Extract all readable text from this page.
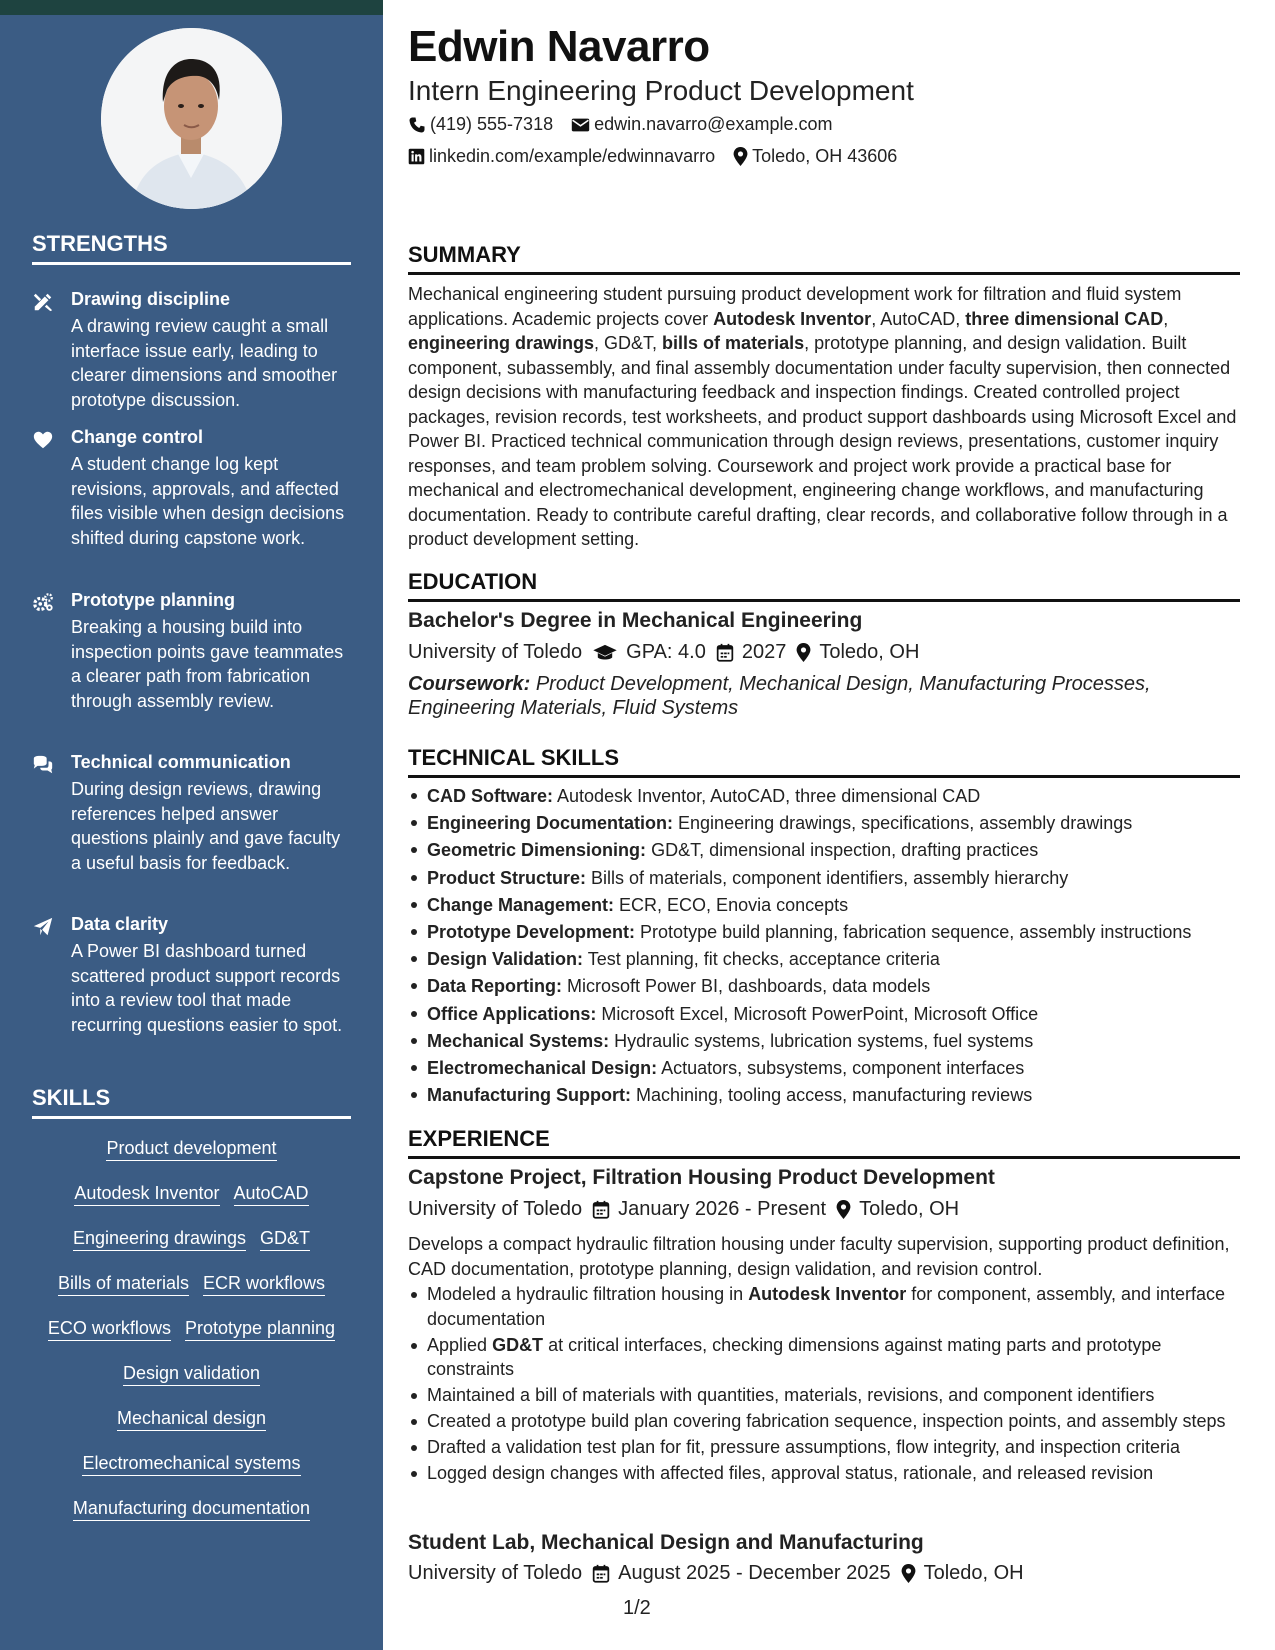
STRENGTHS
Drawing discipline
A drawing review caught a small interface issue early, leading to clearer dimensions and smoother prototype discussion.
Change control
A student change log kept revisions, approvals, and affected files visible when design decisions shifted during capstone work.
Prototype planning
Breaking a housing build into inspection points gave teammates a clearer path from fabrication through assembly review.
Technical communication
During design reviews, drawing references helped answer questions plainly and gave faculty a useful basis for feedback.
Data clarity
A Power BI dashboard turned scattered product support records into a review tool that made recurring questions easier to spot.
SKILLS
Product development
Autodesk Inventor AutoCAD
Engineering drawings GD&T
Bills of materials ECR workflows
ECO workflows Prototype planning
Design validation
Mechanical design
Electromechanical systems
Manufacturing documentation
Edwin Navarro
Intern Engineering Product Development
(419) 555-7318 edwin.navarro@example.com
linkedin.com/example/edwinnavarro Toledo, OH 43606
SUMMARY

Mechanical engineering student pursuing product development work for filtration and fluid system applications. Academic projects cover Autodesk Inventor, AutoCAD, three dimensional CAD, engineering drawings, GD&T, bills of materials, prototype planning, and design validation. Built component, subassembly, and final assembly documentation under faculty supervision, then connected design decisions with manufacturing feedback and inspection findings. Created controlled project packages, revision records, test worksheets, and product support dashboards using Microsoft Excel and Power BI. Practiced technical communication through design reviews, presentations, customer inquiry responses, and team problem solving. Coursework and project work provide a practical base for mechanical and electromechanical development, engineering change workflows, and manufacturing documentation. Ready to contribute careful drafting, clear records, and collaborative follow through in a product development setting.

EDUCATION
Bachelor's Degree in Mechanical Engineering
University of Toledo GPA: 4.0 2027 Toledo, OH

Coursework: Product Development, Mechanical Design, Manufacturing Processes, Engineering Materials, Fluid Systems

TECHNICAL SKILLS
CAD Software: Autodesk Inventor, AutoCAD, three dimensional CAD
Engineering Documentation: Engineering drawings, specifications, assembly drawings
Geometric Dimensioning: GD&T, dimensional inspection, drafting practices
Product Structure: Bills of materials, component identifiers, assembly hierarchy
Change Management: ECR, ECO, Enovia concepts
Prototype Development: Prototype build planning, fabrication sequence, assembly instructions
Design Validation: Test planning, fit checks, acceptance criteria
Data Reporting: Microsoft Power BI, dashboards, data models
Office Applications: Microsoft Excel, Microsoft PowerPoint, Microsoft Office
Mechanical Systems: Hydraulic systems, lubrication systems, fuel systems
Electromechanical Design: Actuators, subsystems, component interfaces
Manufacturing Support: Machining, tooling access, manufacturing reviews
EXPERIENCE
Capstone Project, Filtration Housing Product Development
University of Toledo January 2026 - Present Toledo, OH

Develops a compact hydraulic filtration housing under faculty supervision, supporting product definition, CAD documentation, prototype planning, design validation, and revision control.

Modeled a hydraulic filtration housing in Autodesk Inventor for component, assembly, and interface documentation
Applied GD&T at critical interfaces, checking dimensions against mating parts and prototype constraints
Maintained a bill of materials with quantities, materials, revisions, and component identifiers
Created a prototype build plan covering fabrication sequence, inspection points, and assembly steps
Drafted a validation test plan for fit, pressure assumptions, flow integrity, and inspection criteria
Logged design changes with affected files, approval status, rationale, and released revision
Student Lab, Mechanical Design and Manufacturing
University of Toledo August 2025 - December 2025 Toledo, OH
1/2
